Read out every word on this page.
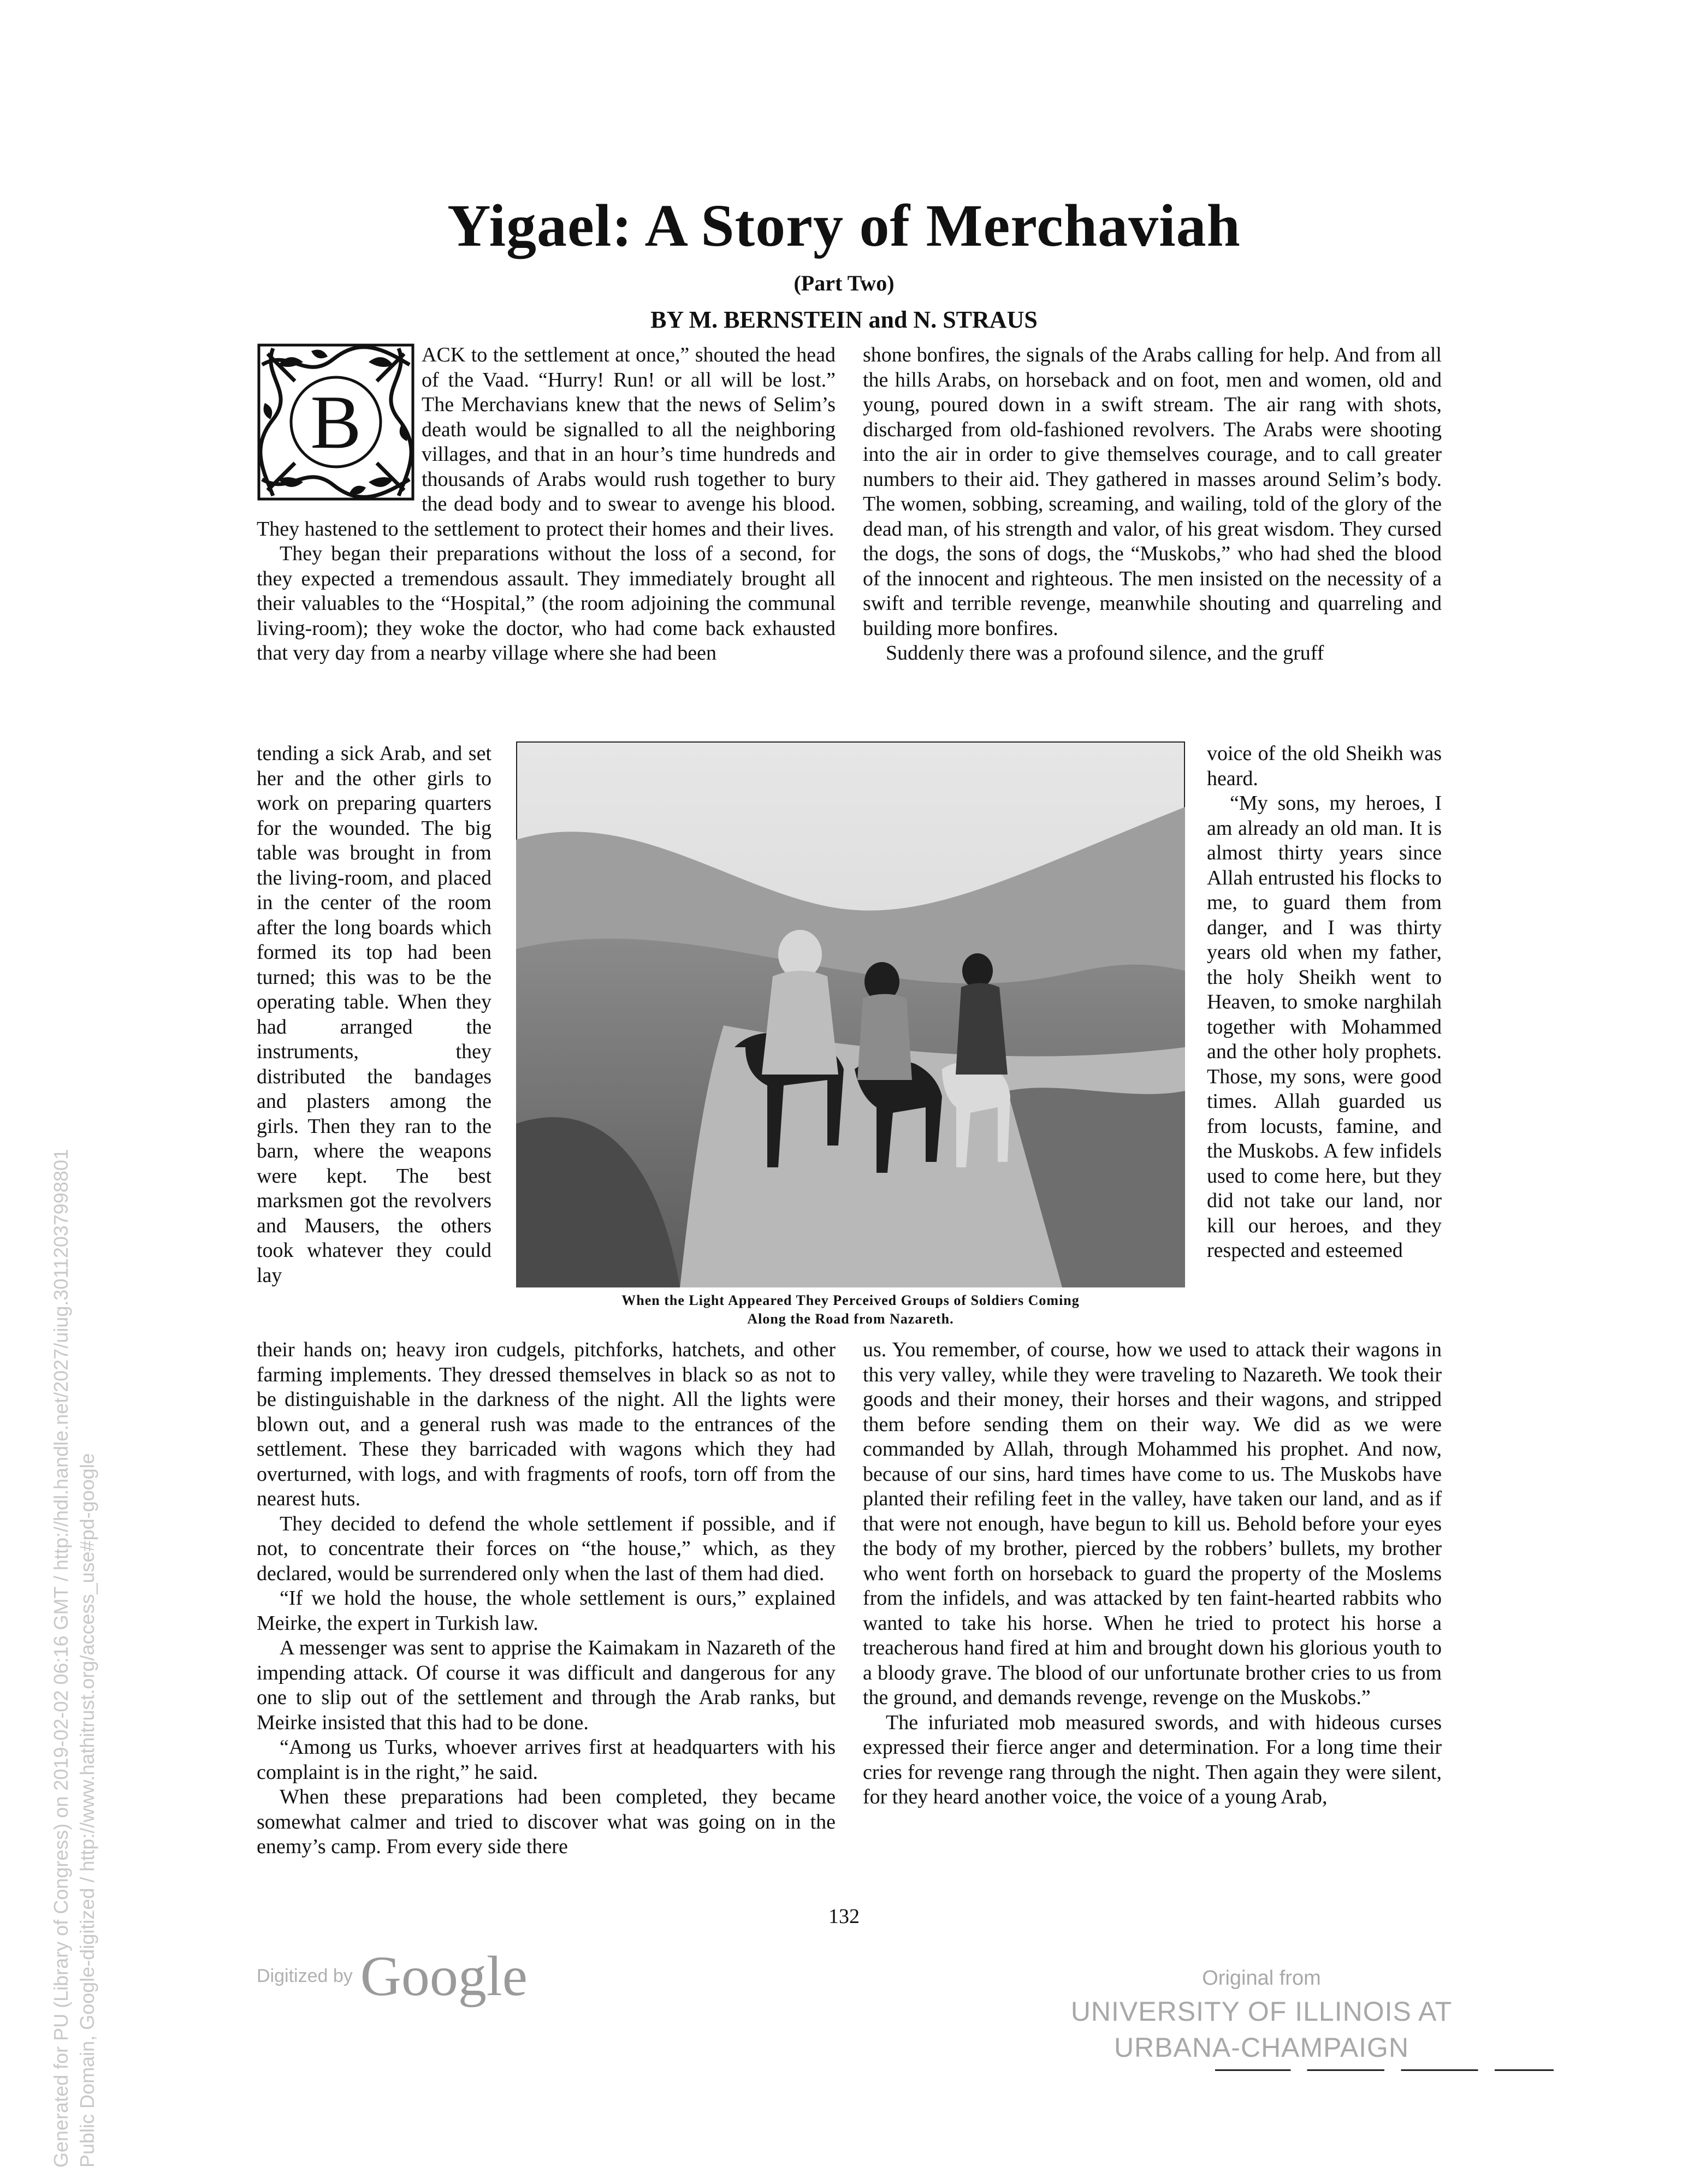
Yigael: A Story of Merchaviah
(Part Two)
BY M. BERNSTEIN and N. STRAUS
B

ACK to the settlement at once,” shouted the head of the Vaad. “Hurry! Run! or all will be lost.” The Merchavians knew that the news of Selim’s death would be signalled to all the neighboring villages, and that in an hour’s time hundreds and thousands of Arabs would rush together to bury the dead body and to swear to avenge his blood. They hastened to the settlement to protect their homes and their lives.

They began their preparations without the loss of a second, for they expected a tremendous assault. They immediately brought all their valuables to the “Hospital,” (the room adjoining the communal living-room); they woke the doctor, who had come back exhausted that very day from a nearby village where she had been

tending a sick Arab, and set her and the other girls to work on preparing quarters for the wounded. The big table was brought in from the living-room, and placed in the center of the room after the long boards which formed its top had been turned; this was to be the operating table. When they had arranged the instruments, they distributed the bandages and plasters among the girls. Then they ran to the barn, where the weapons were kept. The best marksmen got the revolvers and Mausers, the others took whatever they could lay

their hands on; heavy iron cudgels, pitchforks, hatchets, and other farming implements. They dressed themselves in black so as not to be distinguishable in the darkness of the night. All the lights were blown out, and a general rush was made to the entrances of the settlement. These they barricaded with wagons which they had overturned, with logs, and with fragments of roofs, torn off from the nearest huts.

They decided to defend the whole settlement if possible, and if not, to concentrate their forces on “the house,” which, as they declared, would be surrendered only when the last of them had died.

“If we hold the house, the whole settlement is ours,” explained Meirke, the expert in Turkish law.

A messenger was sent to apprise the Kaimakam in Nazareth of the impending attack. Of course it was difficult and dangerous for any one to slip out of the settlement and through the Arab ranks, but Meirke insisted that this had to be done.

“Among us Turks, whoever arrives first at headquarters with his complaint is in the right,” he said.

When these preparations had been completed, they became somewhat calmer and tried to discover what was going on in the enemy’s camp. From every side there

When the Light Appeared They Perceived Groups of Soldiers Coming
Along the Road from Nazareth.

shone bonfires, the signals of the Arabs calling for help. And from all the hills Arabs, on horseback and on foot, men and women, old and young, poured down in a swift stream. The air rang with shots, discharged from old-fashioned revolvers. The Arabs were shooting into the air in order to give themselves courage, and to call greater numbers to their aid. They gathered in masses around Selim’s body. The women, sobbing, screaming, and wailing, told of the glory of the dead man, of his strength and valor, of his great wisdom. They cursed the dogs, the sons of dogs, the “Muskobs,” who had shed the blood of the innocent and righteous. The men insisted on the necessity of a swift and terrible revenge, meanwhile shouting and quarreling and building more bonfires.

Suddenly there was a profound silence, and the gruff

voice of the old Sheikh was heard.

“My sons, my heroes, I am already an old man. It is almost thirty years since Allah entrusted his flocks to me, to guard them from danger, and I was thirty years old when my father, the holy Sheikh went to Heaven, to smoke narghilah together with Mohammed and the other holy prophets. Those, my sons, were good times. Allah guarded us from locusts, famine, and the Muskobs. A few infidels used to come here, but they did not take our land, nor kill our heroes, and they respected and esteemed

us. You remember, of course, how we used to attack their wagons in this very valley, while they were traveling to Nazareth. We took their goods and their money, their horses and their wagons, and stripped them before sending them on their way. We did as we were commanded by Allah, through Mohammed his prophet. And now, because of our sins, hard times have come to us. The Muskobs have planted their refiling feet in the valley, have taken our land, and as if that were not enough, have begun to kill us. Behold before your eyes the body of my brother, pierced by the robbers’ bullets, my brother who went forth on horseback to guard the property of the Moslems from the infidels, and was attacked by ten faint-hearted rabbits who wanted to take his horse. When he tried to protect his horse a treacherous hand fired at him and brought down his glorious youth to a bloody grave. The blood of our unfortunate brother cries to us from the ground, and demands revenge, revenge on the Muskobs.”

The infuriated mob measured swords, and with hideous curses expressed their fierce anger and determination. For a long time their cries for revenge rang through the night. Then again they were silent, for they heard another voice, the voice of a young Arab,

132
Generated for PU (Library of Congress) on 2019-02-02 06:16 GMT / http://hdl.handle.net/2027/uiug.30112037998801 Public Domain, Google-digitized / http://www.hathitrust.org/access_use#pd-google	Digitized by Google	Original from
UNIVERSITY OF ILLINOIS AT
URBANA-CHAMPAIGN
